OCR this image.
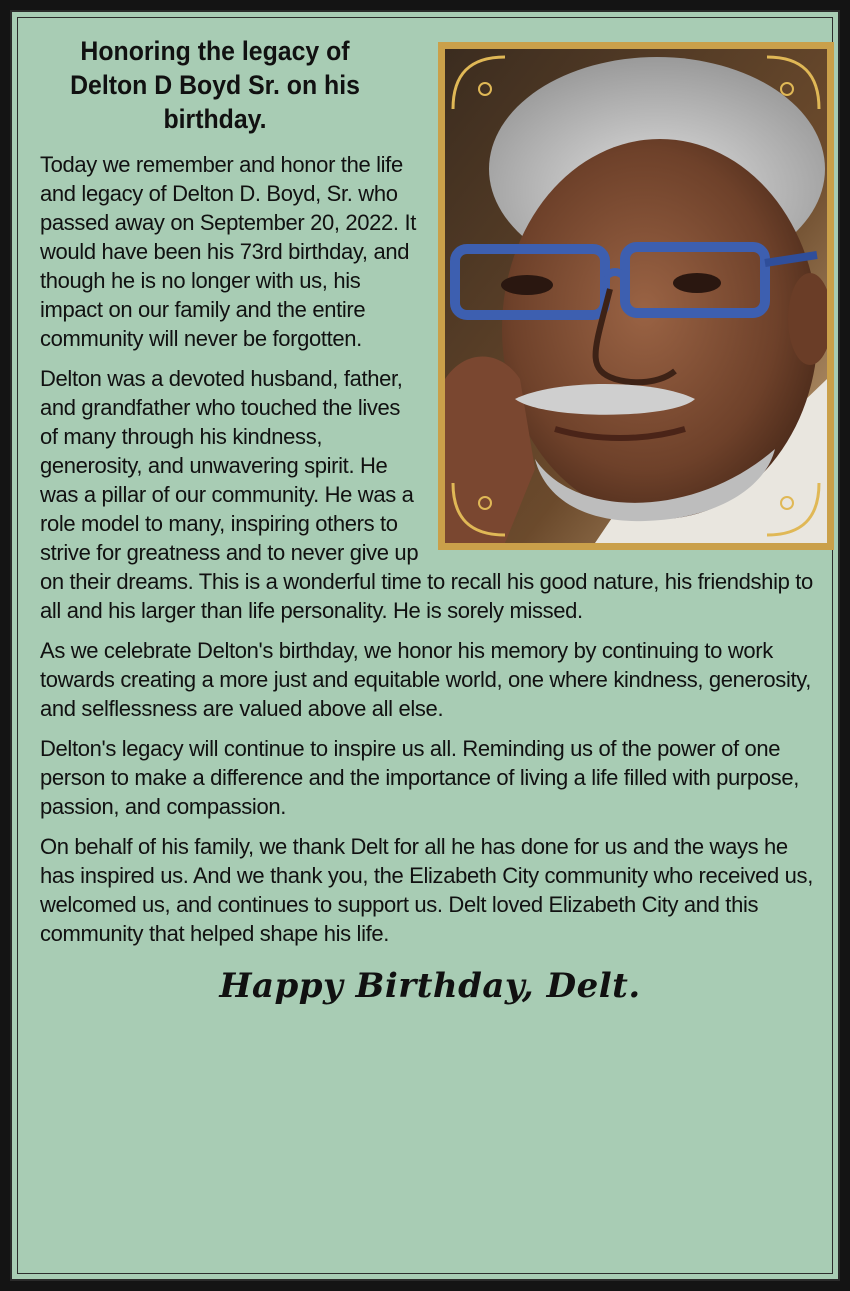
Honoring the legacy of Delton D Boyd Sr. on his birthday.

Today we remember and honor the life and legacy of Delton D. Boyd, Sr. who passed away on September 20, 2022. It would have been his 73rd birthday, and though he is no longer with us, his impact on our family and the entire community will never be forgotten.

Delton was a devoted husband, father, and grandfather who touched the lives of many through his kindness, generosity, and unwavering spirit. He was a pillar of our community. He was a role model to many, inspiring others to strive for greatness and to never give up on their dreams. This is a wonderful time to recall his good nature, his friendship to all and his larger than life personality. He is sorely missed.

As we celebrate Delton's birthday, we honor his memory by continuing to work towards creating a more just and equitable world, one where kindness, generosity, and selflessness are valued above all else.

Delton's legacy will continue to inspire us all. Reminding us of the power of one person to make a difference and the importance of living a life filled with purpose, passion, and compassion.

On behalf of his family, we thank Delt for all he has done for us and the ways he has inspired us. And we thank you, the Elizabeth City community who received us, welcomed us, and continues to support us. Delt loved Elizabeth City and this community that helped shape his life.

Happy Birthday, Delt.
